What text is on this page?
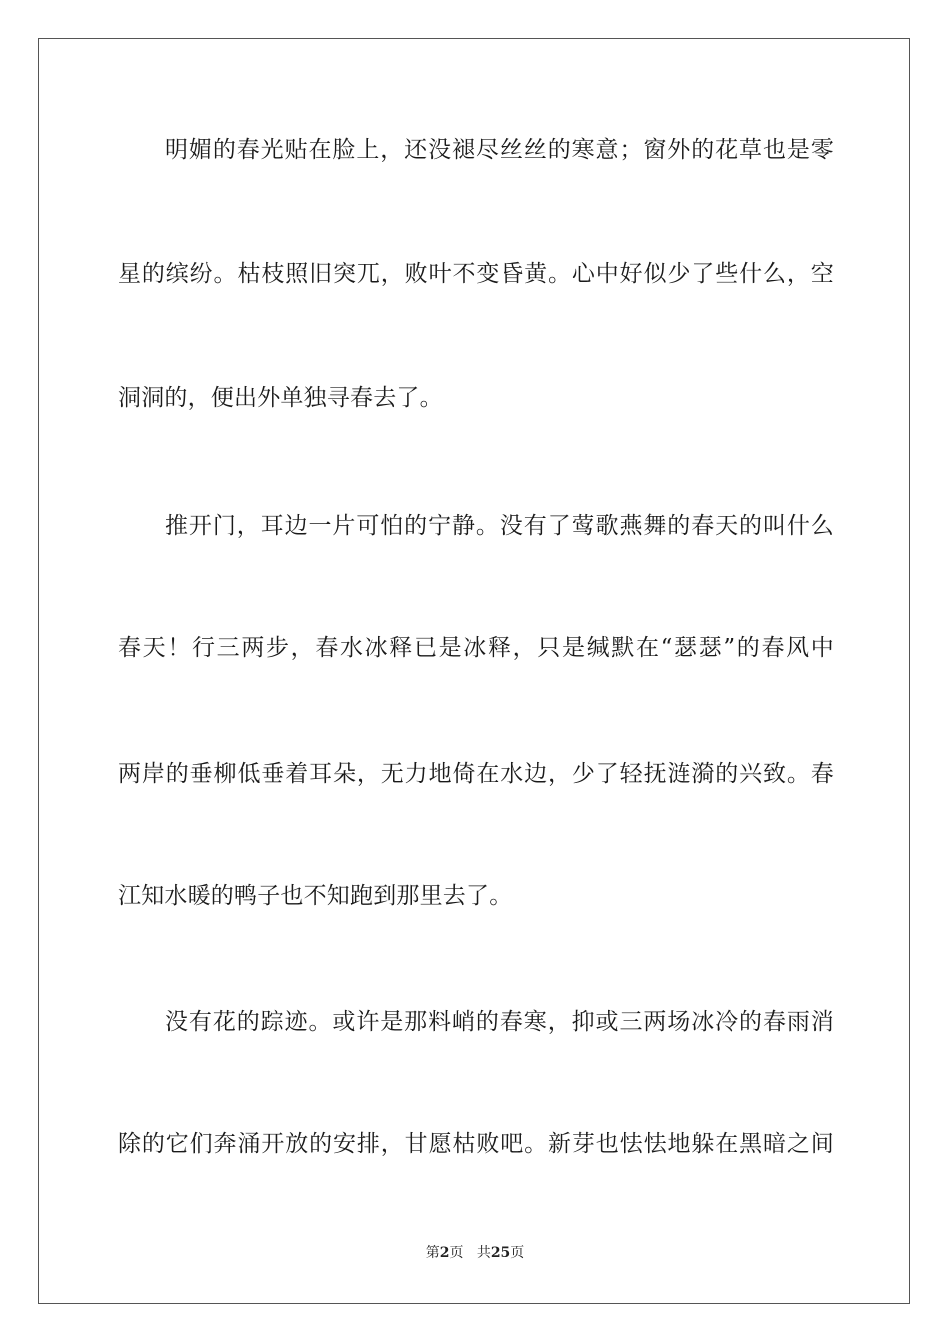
明媚的春光贴在脸上，还没褪尽丝丝的寒意；窗外的花草也是零
星的缤纷。枯枝照旧突兀，败叶不变昏黄。心中好似少了些什么，空
洞洞的，便出外单独寻春去了。
推开门，耳边一片可怕的宁静。没有了莺歌燕舞的春天的叫什么
春天！行三两步，春水冰释已是冰释，只是缄默在“瑟瑟”的春风中
两岸的垂柳低垂着耳朵，无力地倚在水边，少了轻抚涟漪的兴致。春
江知水暖的鸭子也不知跑到那里去了。
没有花的踪迹。或许是那料峭的春寒，抑或三两场冰冷的春雨消
除的它们奔涌开放的安排，甘愿枯败吧。新芽也怯怯地躲在黑暗之间
第2页 共25页
